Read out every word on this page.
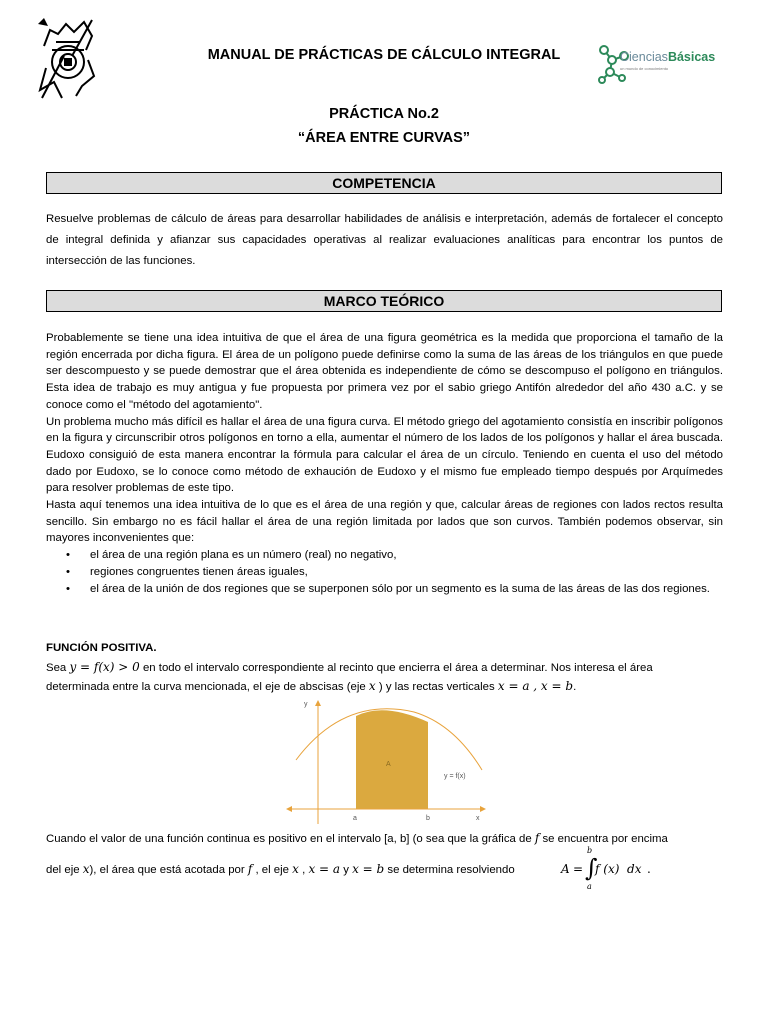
MANUAL DE PRÁCTICAS DE CÁLCULO INTEGRAL	CienciasBásicas
un mundo de conocimiento
PRÁCTICA No.2
“ÁREA ENTRE CURVAS”
COMPETENCIA
Resuelve problemas de cálculo de áreas para desarrollar habilidades de análisis e interpretación, además de fortalecer el concepto de integral definida y afianzar sus capacidades operativas al realizar evaluaciones analíticas para encontrar los puntos de intersección de las funciones.
MARCO TEÓRICO

Probablemente se tiene una idea intuitiva de que el área de una figura geométrica es la medida que proporciona el tamaño de la región encerrada por dicha figura. El área de un polígono puede definirse como la suma de las áreas de los triángulos en que puede ser descompuesto y se puede demostrar que el área obtenida es independiente de cómo se descompuso el polígono en triángulos. Esta idea de trabajo es muy antigua y fue propuesta por primera vez por el sabio griego Antifón alrededor del año 430 a.C. y se conoce como el "método del agotamiento".

Un problema mucho más difícil es hallar el área de una figura curva. El método griego del agotamiento consistía en inscribir polígonos en la figura y circunscribir otros polígonos en torno a ella, aumentar el número de los lados de los polígonos y hallar el área buscada. Eudoxo consiguió de esta manera encontrar la fórmula para calcular el área de un círculo. Teniendo en cuenta el uso del método dado por Eudoxo, se lo conoce como método de exhaución de Eudoxo y el mismo fue empleado tiempo después por Arquímedes para resolver problemas de este tipo.

Hasta aquí tenemos una idea intuitiva de lo que es el área de una región y que, calcular áreas de regiones con lados rectos resulta sencillo. Sin embargo no es fácil hallar el área de una región limitada por lados que son curvos. También podemos observar, sin mayores inconvenientes que:

• el área de una región plana es un número (real) no negativo,
• regiones congruentes tienen áreas iguales,
• el área de la unión de dos regiones que se superponen sólo por un segmento es la suma de las áreas de las dos regiones.
FUNCIÓN POSITIVA.
Sea y = f(x) > 0 en todo el intervalo correspondiente al recinto que encierra el área a determinar. Nos interesa el área
determinada entre la curva mencionada, el eje de abscisas (eje x ) y las rectas verticales x = a , x = b.
y
x
a	b
A
y = f(x)
Cuando el valor de una función continua es positivo en el intervalo [a, b] (o sea que la gráfica de f se encuentra por encima
del eje x), el área que está acotada por f , el eje x , x = a y x = b se determina resolviendo	A = ∫
b
a
f (x)  dx .
